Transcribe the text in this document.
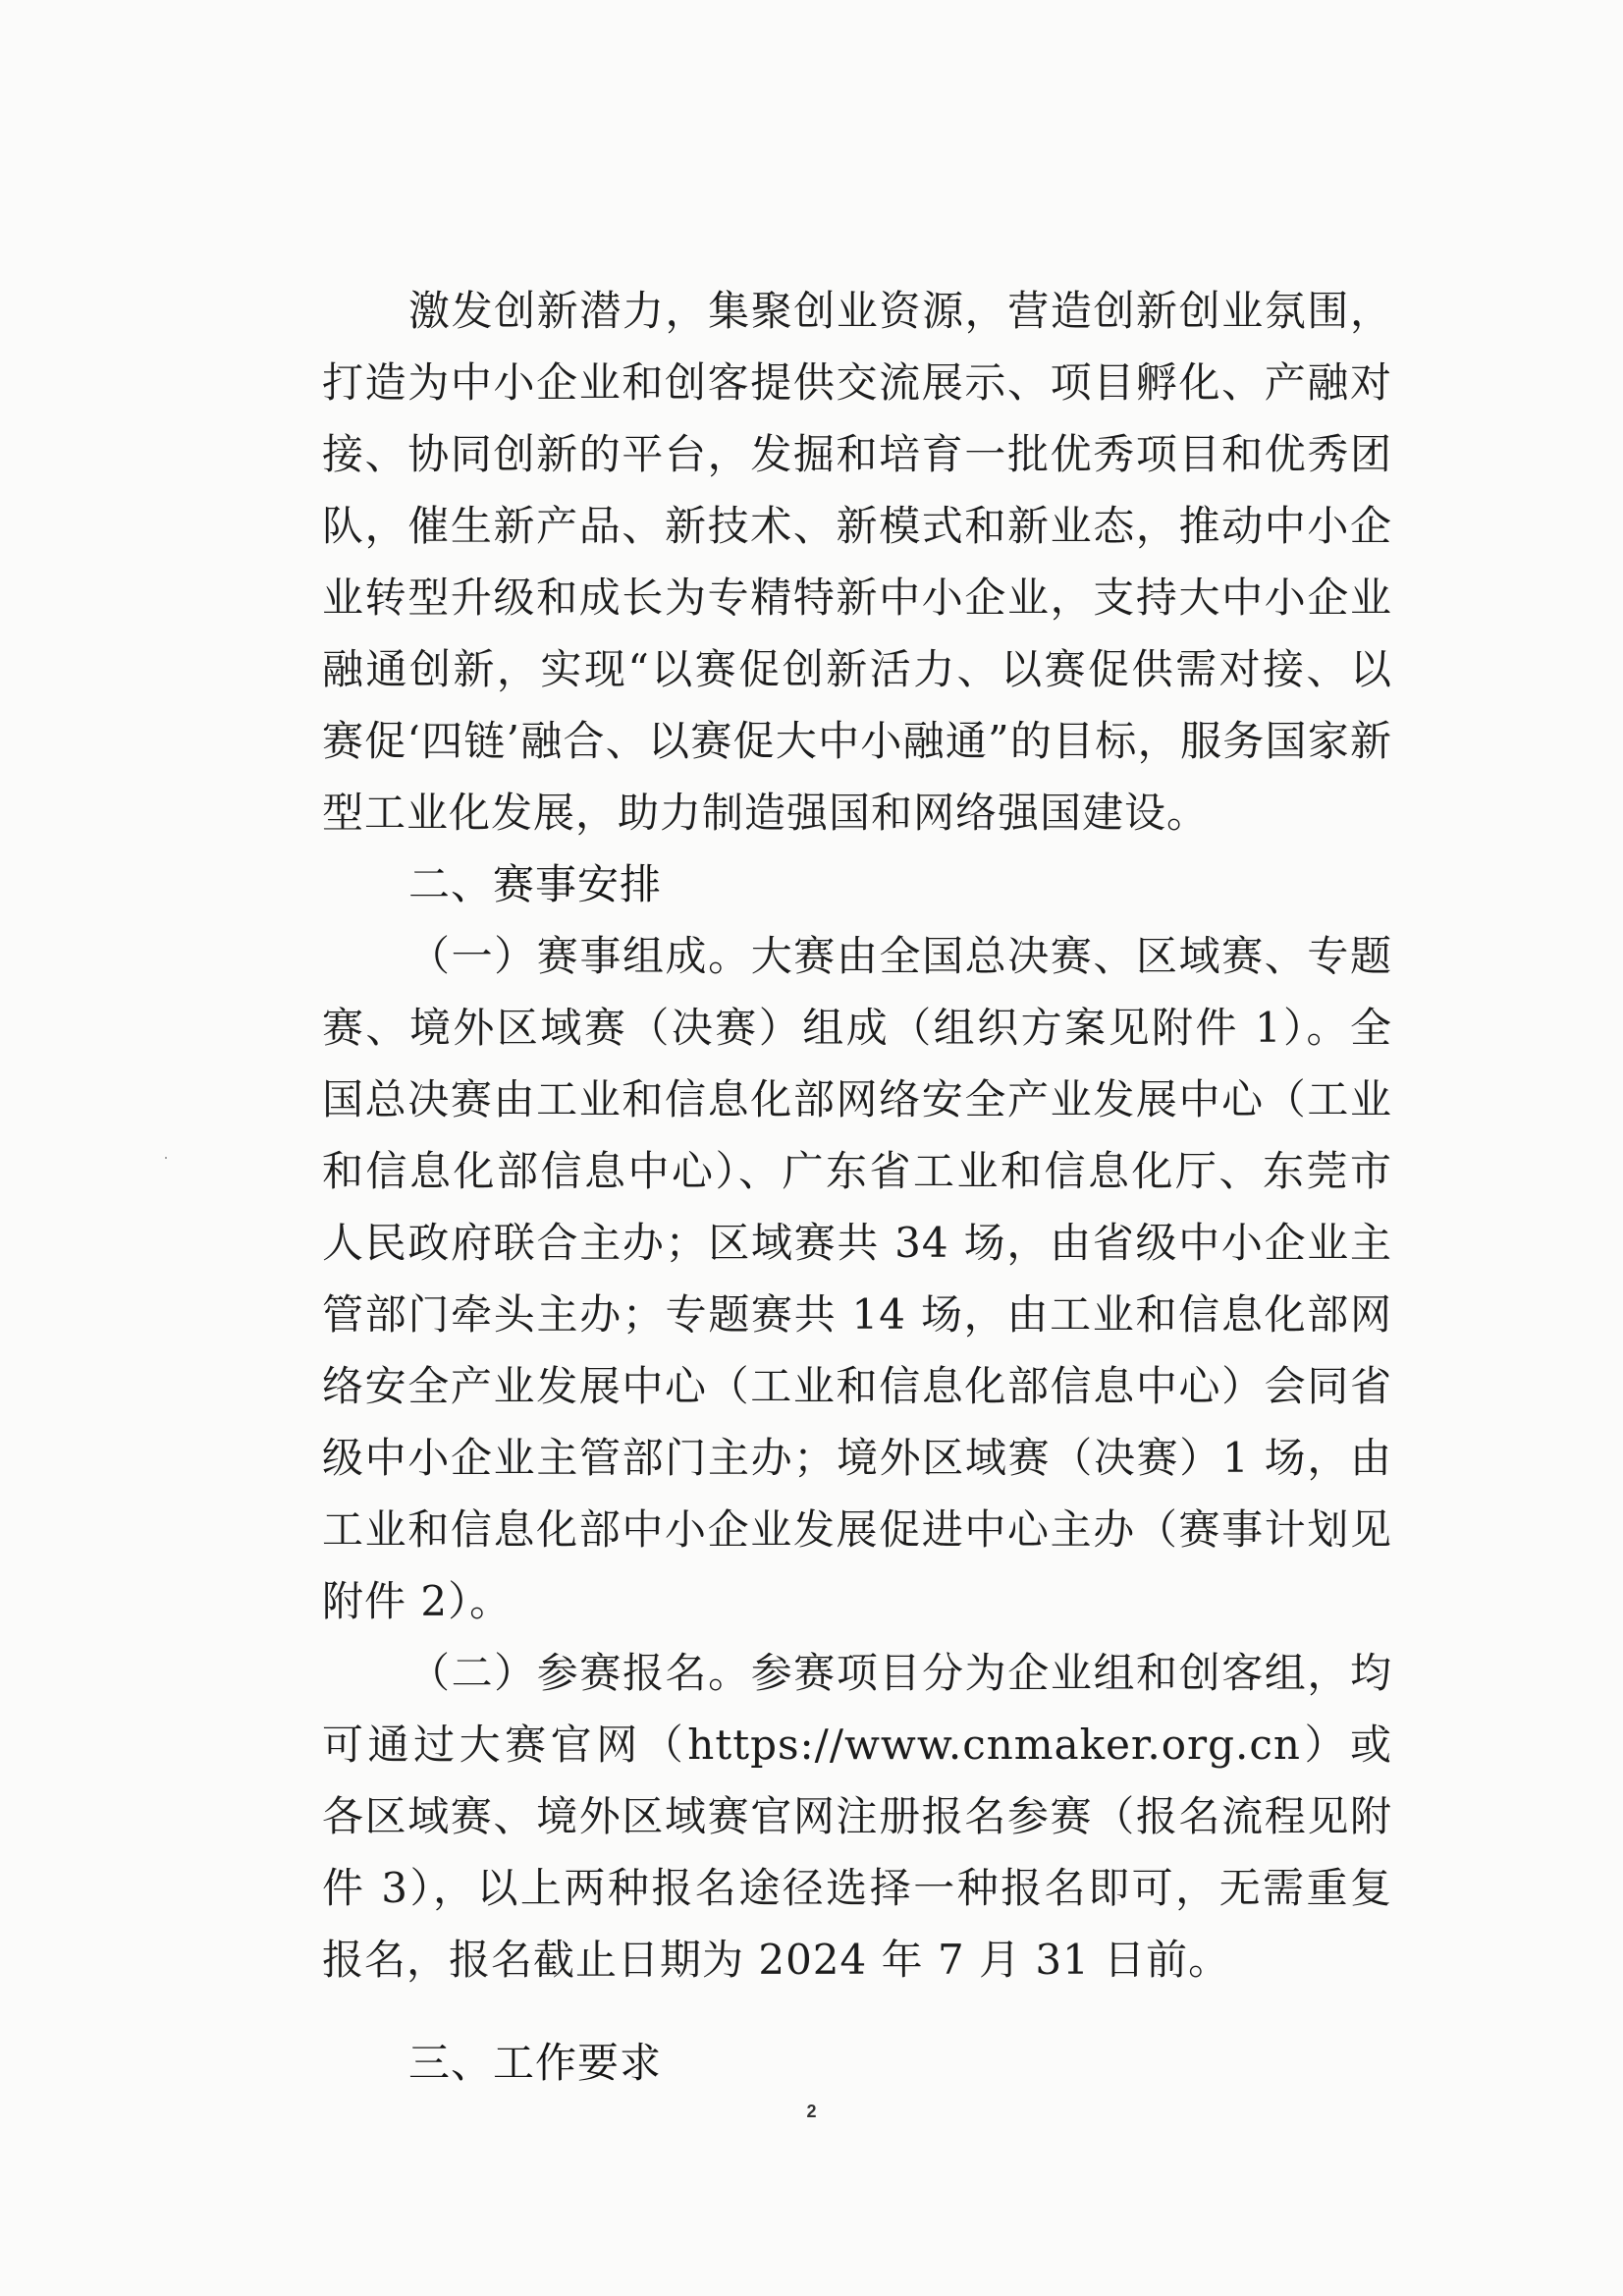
激发创新潜力，集聚创业资源，营造创新创业氛围，打造为中小企业和创客提供交流展示、项目孵化、产融对接、协同创新的平台，发掘和培育一批优秀项目和优秀团队，催生新产品、新技术、新模式和新业态，推动中小企业转型升级和成长为专精特新中小企业，支持大中小企业融通创新，实现“以赛促创新活力、以赛促供需对接、以赛促‘四链’融合、以赛促大中小融通”的目标，服务国家新型工业化发展，助力制造强国和网络强国建设。

二、赛事安排

（一）赛事组成。大赛由全国总决赛、区域赛、专题赛、境外区域赛（决赛）组成（组织方案见附件 1）。全国总决赛由工业和信息化部网络安全产业发展中心（工业和信息化部信息中心）、广东省工业和信息化厅、东莞市人民政府联合主办；区域赛共 34 场，由省级中小企业主管部门牵头主办；专题赛共 14 场，由工业和信息化部网络安全产业发展中心（工业和信息化部信息中心）会同省级中小企业主管部门主办；境外区域赛（决赛）1 场，由工业和信息化部中小企业发展促进中心主办（赛事计划见附件 2）。

（二）参赛报名。参赛项目分为企业组和创客组，均可通过大赛官网（https://www.cnmaker.org.cn）或各区域赛、境外区域赛官网注册报名参赛（报名流程见附件 3），以上两种报名途径选择一种报名即可，无需重复报名，报名截止日期为 2024 年 7 月 31 日前。

三、工作要求

2
